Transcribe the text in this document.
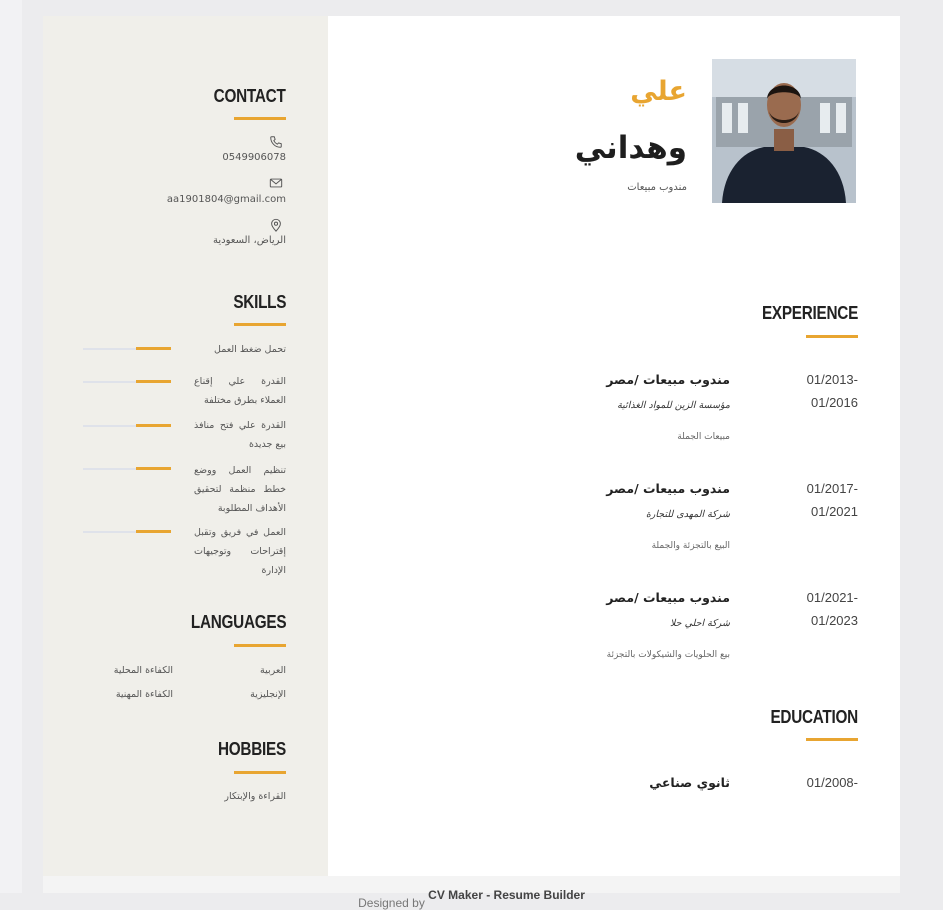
CONTACT
0549906078
aa1901804@gmail.com
الرياض، السعودية
SKILLS
تحمل ضغط العمل
القدرة علي إقناع العملاء بطرق مختلفة
القدرة علي فتح منافذ بيع جديدة
تنظيم العمل ووضع خطط منظمة لتحقيق الأهداف المطلوبة
العمل في فريق وتقبل إقتراحات وتوجيهات الإدارة
LANGUAGES
العربية
الكفاءة المحلية
الإنجليزية
الكفاءة المهنية
HOBBIES
القراءة والإبتكار
علي
وهداني
مندوب مبيعات
EXPERIENCE
01/2013-
01/2016
مندوب مبيعات /مصر
مؤسسة الزين للمواد الغذائية
مبيعات الجملة
01/2017-
01/2021
مندوب مبيعات /مصر
شركة المهدى للتجارة
البيع بالتجزئة والجملة
01/2021-
01/2023
مندوب مبيعات /مصر
شركة احلي حلا
بيع الحلويات والشيكولات بالتجزئة
EDUCATION
01/2008-
ثانوي صناعي
$_{Designed by CV Maker - Resume Builder}$
